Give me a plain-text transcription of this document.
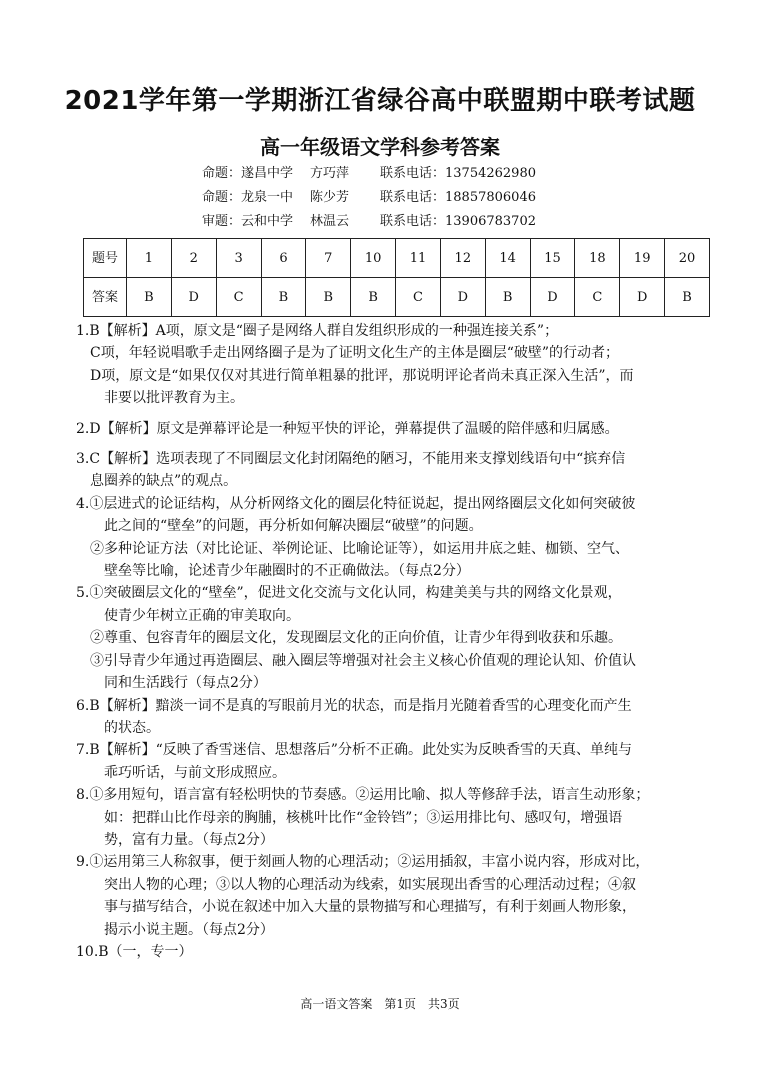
2021学年第一学期浙江省绿谷高中联盟期中联考试题
高一年级语文学科参考答案
命题：遂昌中学 方巧萍 联系电话：13754262980
命题：龙泉一中 陈少芳 联系电话：18857806046
审题：云和中学 林温云 联系电话：13906783702
题号	1	2	3	6	7	10	11	12	14	15	18	19	20
答案	B	D	C	B	B	B	C	D	B	D	C	D	B
1.B【解析】A项，原文是“圈子是网络人群自发组织形成的一种强连接关系”；
C项，年轻说唱歌手走出网络圈子是为了证明文化生产的主体是圈层“破壁”的行动者；
D项，原文是“如果仅仅对其进行简单粗暴的批评，那说明评论者尚未真正深入生活”，而
非要以批评教育为主。
2.D【解析】原文是弹幕评论是一种短平快的评论，弹幕提供了温暖的陪伴感和归属感。
3.C【解析】选项表现了不同圈层文化封闭隔绝的陋习，不能用来支撑划线语句中“摈弃信
息圈养的缺点”的观点。
4.①层进式的论证结构，从分析网络文化的圈层化特征说起，提出网络圈层文化如何突破彼
此之间的“壁垒”的问题，再分析如何解决圈层“破壁”的问题。
②多种论证方法（对比论证、举例论证、比喻论证等），如运用井底之蛙、枷锁、空气、
壁垒等比喻，论述青少年融圈时的不正确做法。（每点2分）
5.①突破圈层文化的“壁垒”，促进文化交流与文化认同，构建美美与共的网络文化景观，
使青少年树立正确的审美取向。
②尊重、包容青年的圈层文化，发现圈层文化的正向价值，让青少年得到收获和乐趣。
③引导青少年通过再造圈层、融入圈层等增强对社会主义核心价值观的理论认知、价值认
同和生活践行（每点2分）
6.B【解析】黯淡一词不是真的写眼前月光的状态，而是指月光随着香雪的心理变化而产生
的状态。
7.B【解析】“反映了香雪迷信、思想落后”分析不正确。此处实为反映香雪的天真、单纯与
乖巧听话，与前文形成照应。
8.①多用短句，语言富有轻松明快的节奏感。②运用比喻、拟人等修辞手法，语言生动形象；
如：把群山比作母亲的胸脯，核桃叶比作“金铃铛”；③运用排比句、感叹句，增强语
势，富有力量。（每点2分）
9.①运用第三人称叙事，便于刻画人物的心理活动；②运用插叙，丰富小说内容，形成对比，
突出人物的心理；③以人物的心理活动为线索，如实展现出香雪的心理活动过程；④叙
事与描写结合，小说在叙述中加入大量的景物描写和心理描写，有利于刻画人物形象，
揭示小说主题。（每点2分）
10.B（一，专一）
高一语文答案　第1页　共3页
